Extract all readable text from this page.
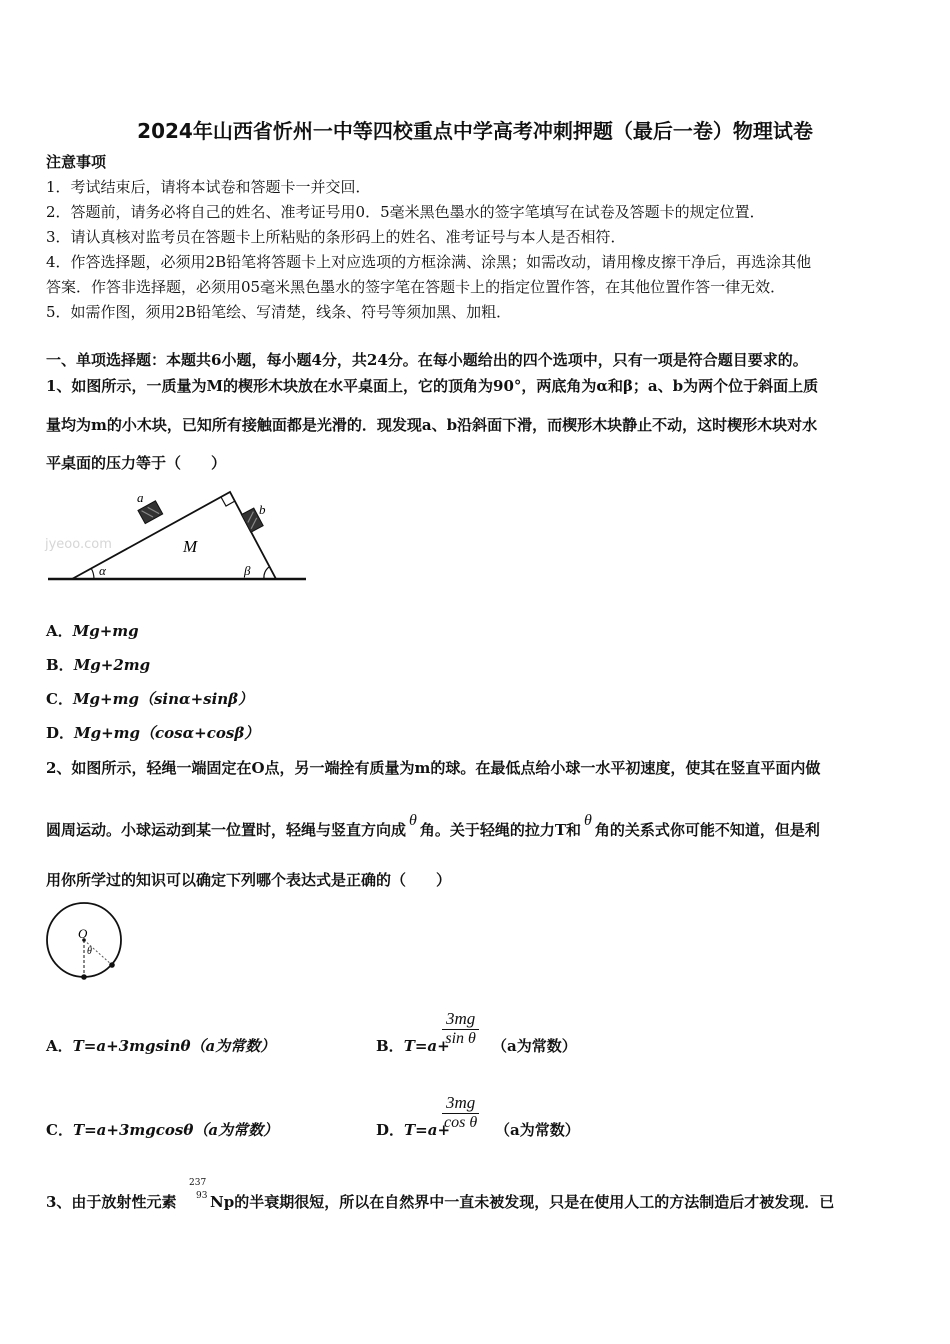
2024年山西省忻州一中等四校重点中学高考冲刺押题（最后一卷）物理试卷
注意事项
1．考试结束后，请将本试卷和答题卡一并交回．
2．答题前，请务必将自己的姓名、准考证号用0．5毫米黑色墨水的签字笔填写在试卷及答题卡的规定位置．
3．请认真核对监考员在答题卡上所粘贴的条形码上的姓名、准考证号与本人是否相符．
4．作答选择题，必须用2B铅笔将答题卡上对应选项的方框涂满、涂黑；如需改动，请用橡皮擦干净后，再选涂其他
答案．作答非选择题，必须用05毫米黑色墨水的签字笔在答题卡上的指定位置作答，在其他位置作答一律无效．
5．如需作图，须用2B铅笔绘、写清楚，线条、符号等须加黑、加粗．
一、单项选择题：本题共6小题，每小题4分，共24分。在每小题给出的四个选项中，只有一项是符合题目要求的。
1、如图所示，一质量为M的楔形木块放在水平桌面上，它的顶角为90°，两底角为α和β；a、b为两个位于斜面上质
量均为m的小木块，已知所有接触面都是光滑的．现发现a、b沿斜面下滑，而楔形木块静止不动，这时楔形木块对水
平桌面的压力等于（　　）
jyeoo.com
a
b
M
α	β
A．Mg+mg
B．Mg+2mg
C．Mg+mg（sinα+sinβ）
D．Mg+mg（cosα+cosβ）
2、如图所示，轻绳一端固定在O点，另一端拴有质量为m的球。在最低点给小球一水平初速度，使其在竖直平面内做
圆周运动。小球运动到某一位置时，轻绳与竖直方向成θ角。关于轻绳的拉力T和θ角的关系式你可能不知道，但是利
用你所学过的知识可以确定下列哪个表达式是正确的（　　）
O
θ
A．T=a+3mgsinθ（a为常数）	B．T=a+
$\frac{3mg}{\text{sin θ}} (a$为常数）
C．T=a+3mgcosθ（a为常数）	D．T=a+
$\frac{3mg}{\text{cos θ}} (a$为常数）
3、由于放射性元素
237
93 Np的半衰期很短，所以在自然界中一直未被发现，只是在使用人工的方法制造后才被发现．已
